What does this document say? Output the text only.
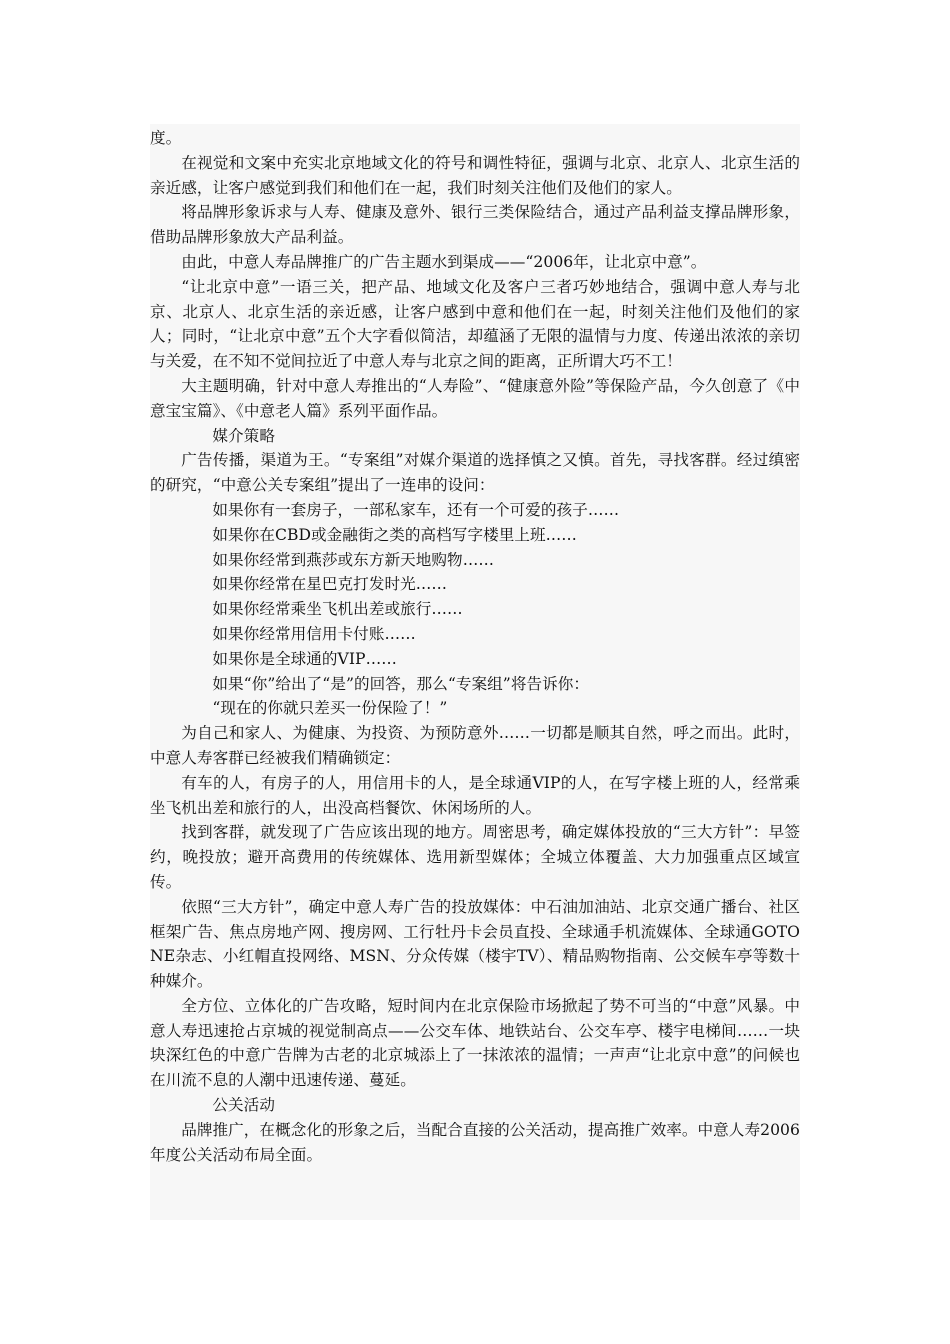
度。

在视觉和文案中充实北京地域文化的符号和调性特征，强调与北京、北京人、北京生活的亲近感，让客户感觉到我们和他们在一起，我们时刻关注他们及他们的家人。

将品牌形象诉求与人寿、健康及意外、银行三类保险结合，通过产品利益支撑品牌形象，借助品牌形象放大产品利益。

由此，中意人寿品牌推广的广告主题水到渠成——“2006年，让北京中意”。

“让北京中意”一语三关，把产品、地域文化及客户三者巧妙地结合，强调中意人寿与北京、北京人、北京生活的亲近感，让客户感到中意和他们在一起，时刻关注他们及他们的家人；同时，“让北京中意”五个大字看似简洁，却蕴涵了无限的温情与力度、传递出浓浓的亲切与关爱，在不知不觉间拉近了中意人寿与北京之间的距离，正所谓大巧不工！

大主题明确，针对中意人寿推出的“人寿险”、“健康意外险”等保险产品，今久创意了《中意宝宝篇》、《中意老人篇》系列平面作品。

媒介策略

广告传播，渠道为王。“专案组”对媒介渠道的选择慎之又慎。首先，寻找客群。经过缜密的研究，“中意公关专案组”提出了一连串的设问：

如果你有一套房子，一部私家车，还有一个可爱的孩子……

如果你在CBD或金融街之类的高档写字楼里上班……

如果你经常到燕莎或东方新天地购物……

如果你经常在星巴克打发时光……

如果你经常乘坐飞机出差或旅行……

如果你经常用信用卡付账……

如果你是全球通的VIP……

如果“你”给出了“是”的回答，那么“专案组”将告诉你：

“现在的你就只差买一份保险了！”

为自己和家人、为健康、为投资、为预防意外……一切都是顺其自然，呼之而出。此时，中意人寿客群已经被我们精确锁定：

有车的人，有房子的人，用信用卡的人，是全球通VIP的人，在写字楼上班的人，经常乘坐飞机出差和旅行的人，出没高档餐饮、休闲场所的人。

找到客群，就发现了广告应该出现的地方。周密思考，确定媒体投放的“三大方针”：早签约，晚投放；避开高费用的传统媒体、选用新型媒体；全城立体覆盖、大力加强重点区域宣传。

依照“三大方针”，确定中意人寿广告的投放媒体：中石油加油站、北京交通广播台、社区框架广告、焦点房地产网、搜房网、工行牡丹卡会员直投、全球通手机流媒体、全球通GOTONE杂志、小红帽直投网络、MSN、分众传媒（楼宇TV）、精品购物指南、公交候车亭等数十种媒介。

全方位、立体化的广告攻略，短时间内在北京保险市场掀起了势不可当的“中意”风暴。中意人寿迅速抢占京城的视觉制高点——公交车体、地铁站台、公交车亭、楼宇电梯间……一块块深红色的中意广告牌为古老的北京城添上了一抹浓浓的温情；一声声“让北京中意”的问候也在川流不息的人潮中迅速传递、蔓延。

公关活动

品牌推广，在概念化的形象之后，当配合直接的公关活动，提高推广效率。中意人寿2006年度公关活动布局全面。
